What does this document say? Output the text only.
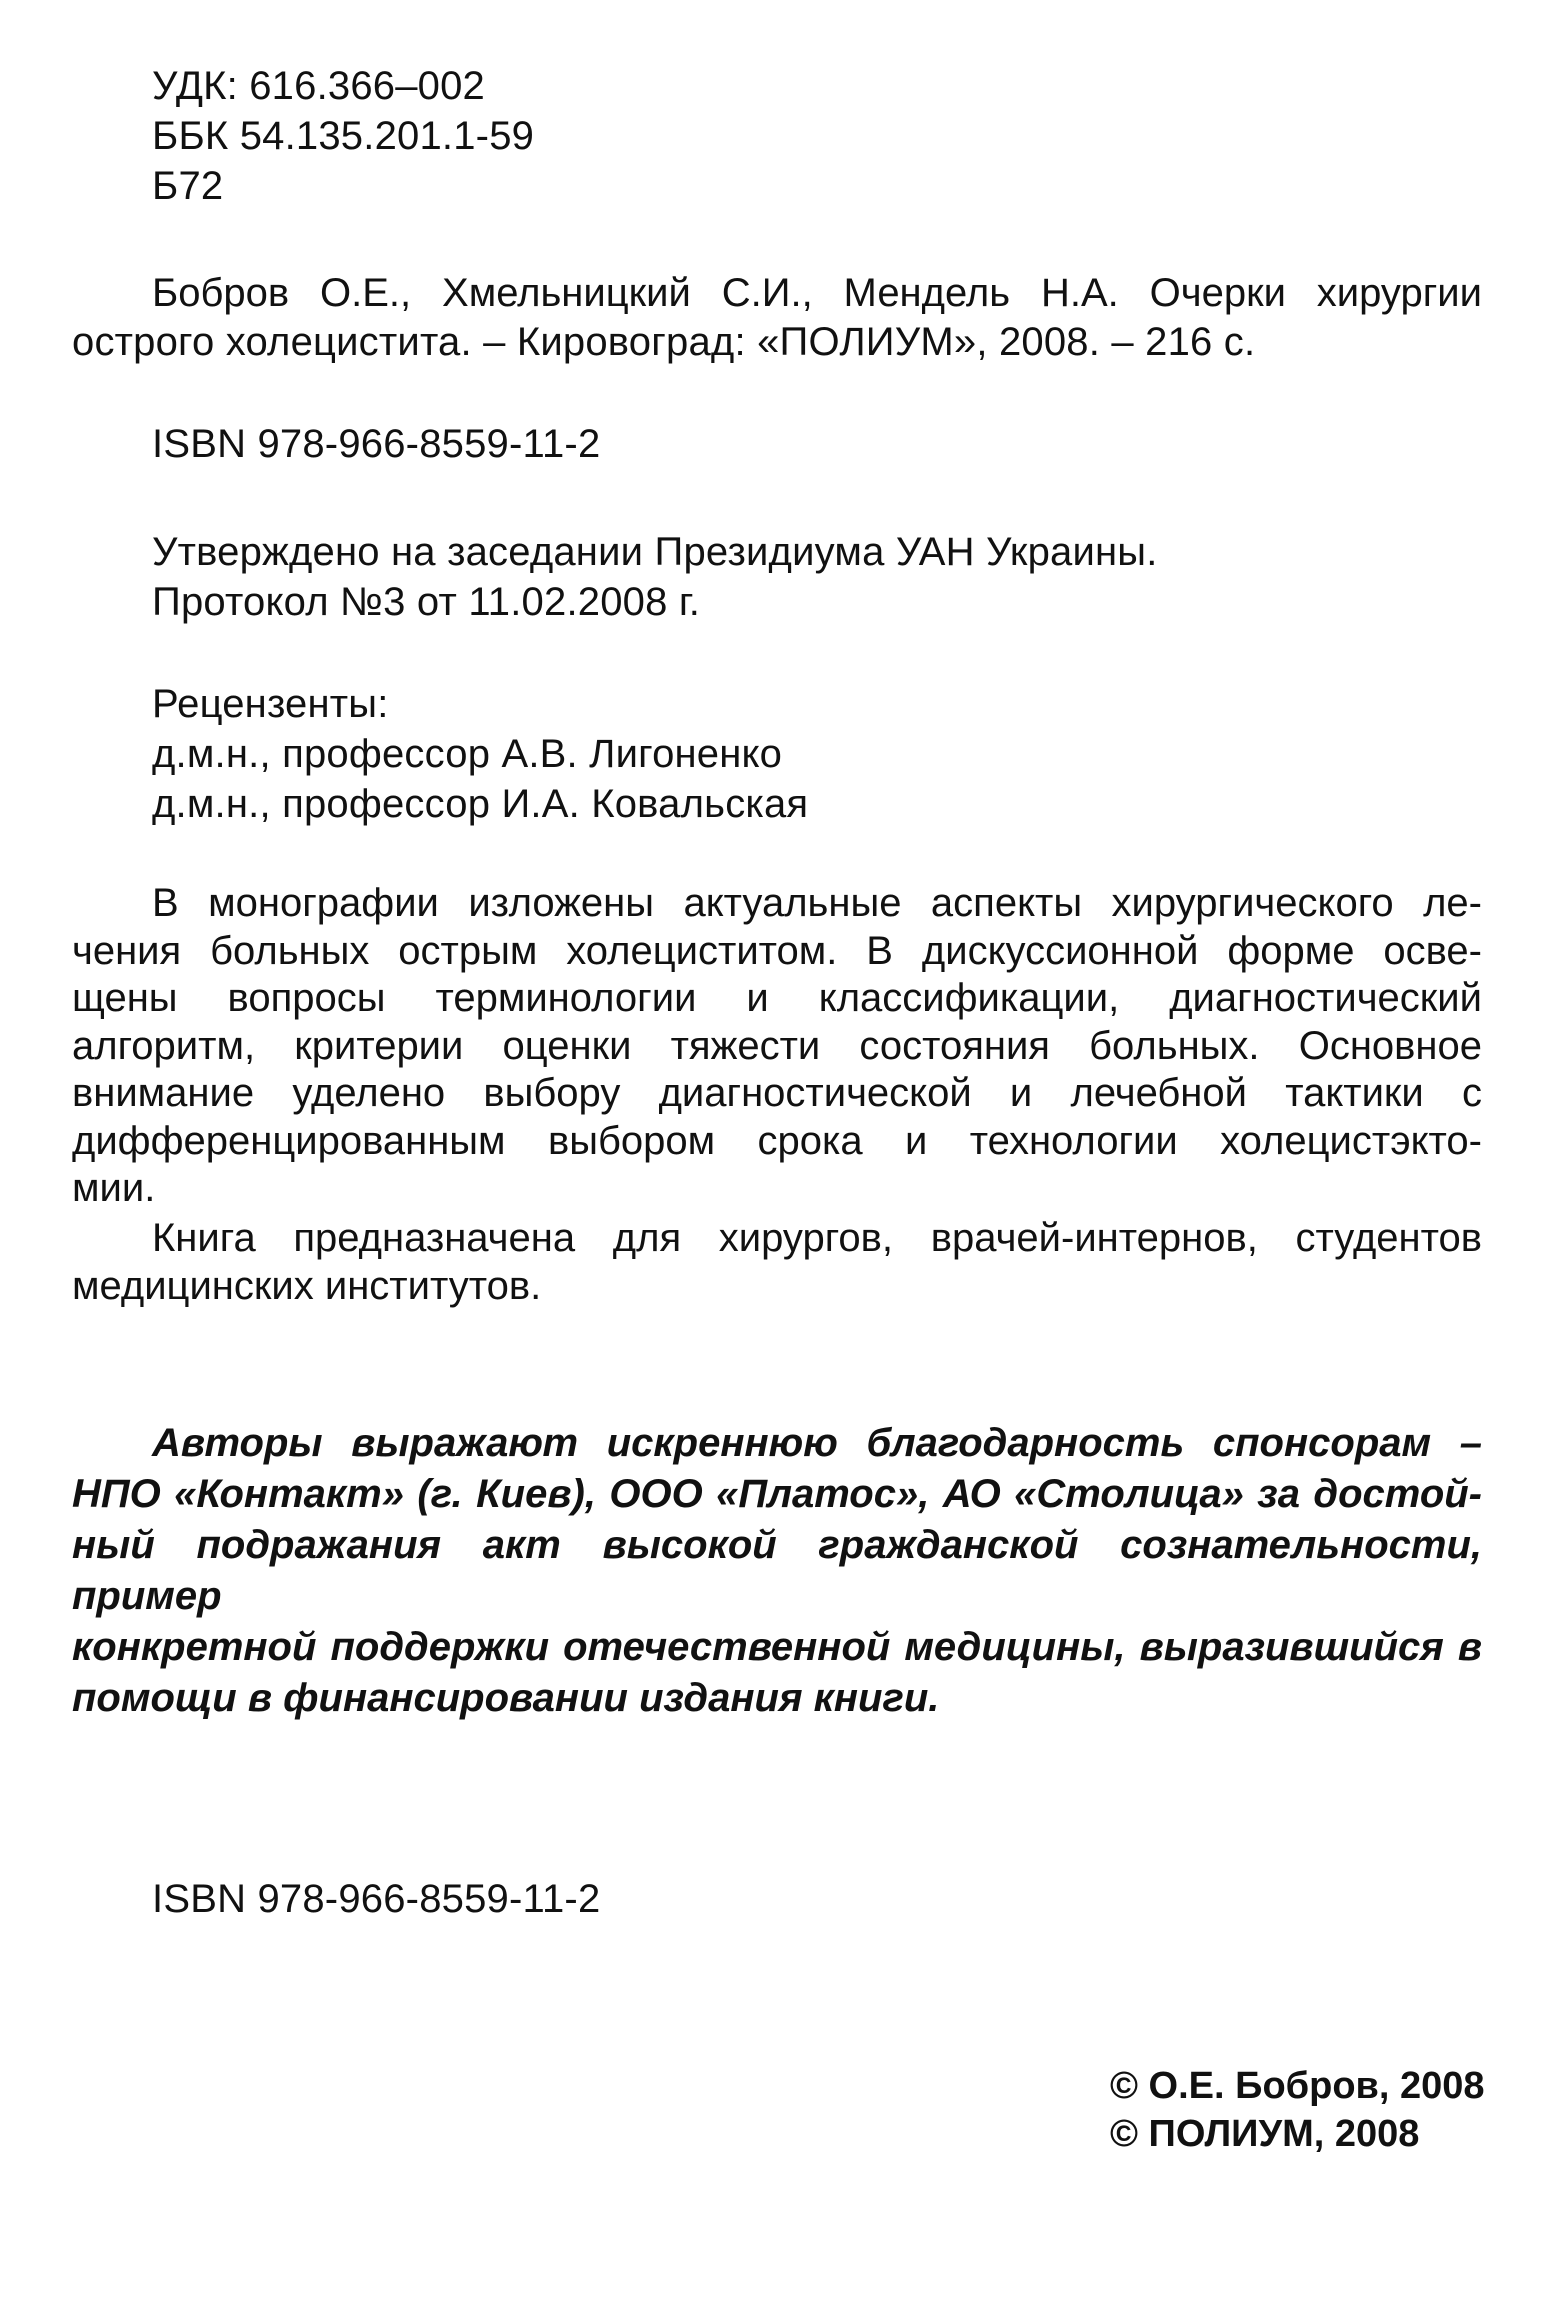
УДК: 616.366–002
ББК 54.135.201.1-59
Б72
Бобров О.Е., Хмельницкий С.И., Мендель Н.А. Очерки хирургии
острого холецистита. – Кировоград: «ПОЛИУМ», 2008. – 216 с.
ISBN 978-966-8559-11-2
Утверждено на заседании Президиума УАН Украины.
Протокол №3 от 11.02.2008 г.
Рецензенты:
д.м.н., профессор А.В. Лигоненко
д.м.н., профессор И.А. Ковальская
В монографии изложены актуальные аспекты хирургического ле-
чения больных острым холециститом. В дискуссионной форме осве-
щены вопросы терминологии и классификации, диагностический
алгоритм, критерии оценки тяжести состояния больных. Основное
внимание уделено выбору диагностической и лечебной тактики с
дифференцированным выбором срока и технологии холецистэкто-
мии.
Книга предназначена для хирургов, врачей-интернов, студентов
медицинских институтов.
Авторы выражают искреннюю благодарность спонсорам –
НПО «Контакт» (г. Киев), ООО «Платос», АО «Столица» за достой-
ный подражания акт высокой гражданской сознательности, пример
конкретной поддержки отечественной медицины, выразившийся в
помощи в финансировании издания книги.
ISBN 978-966-8559-11-2
© О.Е. Бобров, 2008
© ПОЛИУМ, 2008
